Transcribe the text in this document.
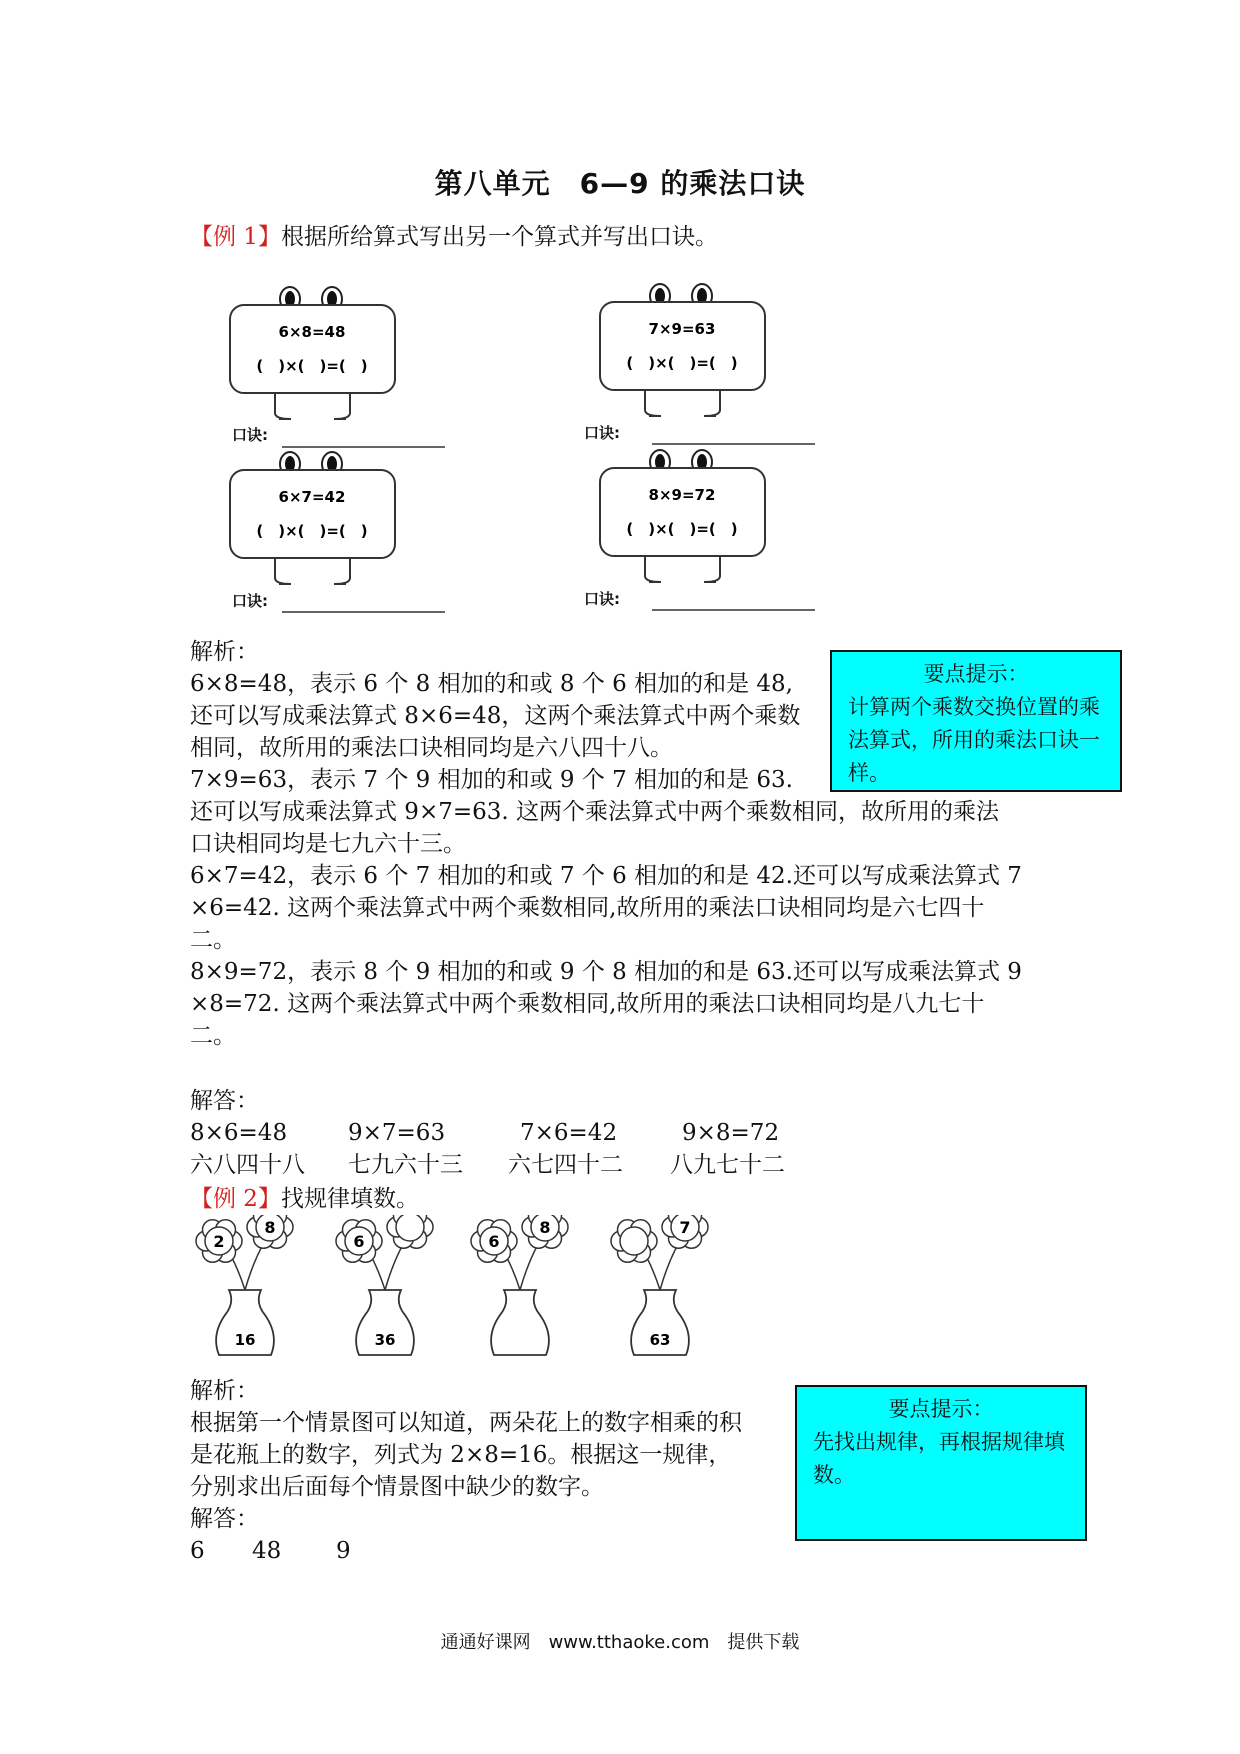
第八单元　6—9 的乘法口诀
【例 1】根据所给算式写出另一个算式并写出口诀。
6×8=48
(　)×(　)=(　)
7×9=63
(　)×(　)=(　)
6×7=42
(　)×(　)=(　)
8×9=72
(　)×(　)=(　)
口诀:	口诀:
口诀:	口诀:
解析：
6×8=48，表示 6 个 8 相加的和或 8 个 6 相加的和是 48,
还可以写成乘法算式 8×6=48，这两个乘法算式中两个乘数
相同，故所用的乘法口诀相同均是六八四十八。
7×9=63，表示 7 个 9 相加的和或 9 个 7 相加的和是 63.
还可以写成乘法算式 9×7=63. 这两个乘法算式中两个乘数相同，故所用的乘法
口诀相同均是七九六十三。
6×7=42，表示 6 个 7 相加的和或 7 个 6 相加的和是 42.还可以写成乘法算式 7
×6=42. 这两个乘法算式中两个乘数相同,故所用的乘法口诀相同均是六七四十
二。
8×9=72，表示 8 个 9 相加的和或 9 个 8 相加的和是 63.还可以写成乘法算式 9
×8=72. 这两个乘法算式中两个乘数相同,故所用的乘法口诀相同均是八九七十
二。
要点提示：
计算两个乘数交换位置的乘法算式，所用的乘法口诀一样。
解答：
8×6=48	9×7=63	7×6=42	9×8=72
六八四十八 七九六十三 六七四十二 八九七十二
【例 2】找规律填数。
2
8
16
6
36
6
8	7
63
解析：
根据第一个情景图可以知道，两朵花上的数字相乘的积
是花瓶上的数字，列式为 2×8=16。根据这一规律，
分别求出后面每个情景图中缺少的数字。
解答：
6 48 9
要点提示：
先找出规律，再根据规律填数。
通通好课网　www.tthaoke.com　提供下载
